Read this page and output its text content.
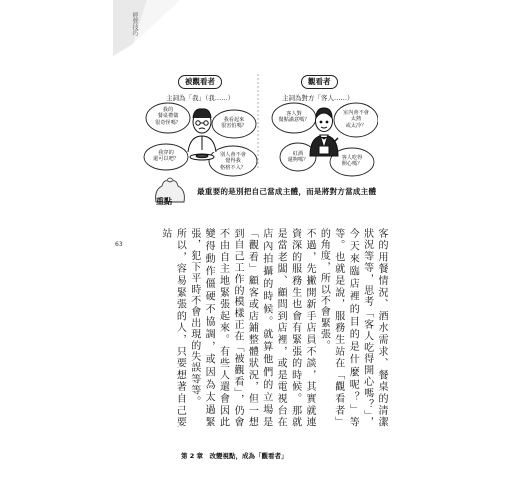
經營技巧
被觀看者
主詞為「我」（我……）
觀看者
主詞為對方「客人……）
我的
餐桌禮儀
很奇怪嗎？	我看起來
很害怕嗎？
我穿的
還可以吧？
別人會不會
覺得我
格格不入？
客人對
餐點滿意嗎？
室內會不會
太熱
或太冷？
紅酒
還夠嗎？	客人吃得
開心嗎？
重點
最重要的是別把自己當成主體，而是將對方當成主體

客的用餐情況、酒水需求、餐桌的清潔狀況等等，思考「客人吃得開心嗎？」，今天來臨店裡的目的是什麼呢？」等等。也就是說，服務生站在「觀看者」的角度，所以不會緊張。

不過，先撇開新手店員不談，其實就連資深的服務生也會有緊張的時候。那就是當老闆、顧問到店裡，或是電視台在店內拍攝的時候。就算他們的立場是「觀看」顧客或店鋪整體狀況，但一想到自己工作的模樣正在「被觀看」，仍會不由自主地緊張起來。有些人還會因此變得動作僵硬不協調，或因為太過緊張，犯下平時不會出現的失誤等等。

所以，容易緊張的人，只要想著自己要站

63
第 2 章　改變視點，成為「觀看者」
